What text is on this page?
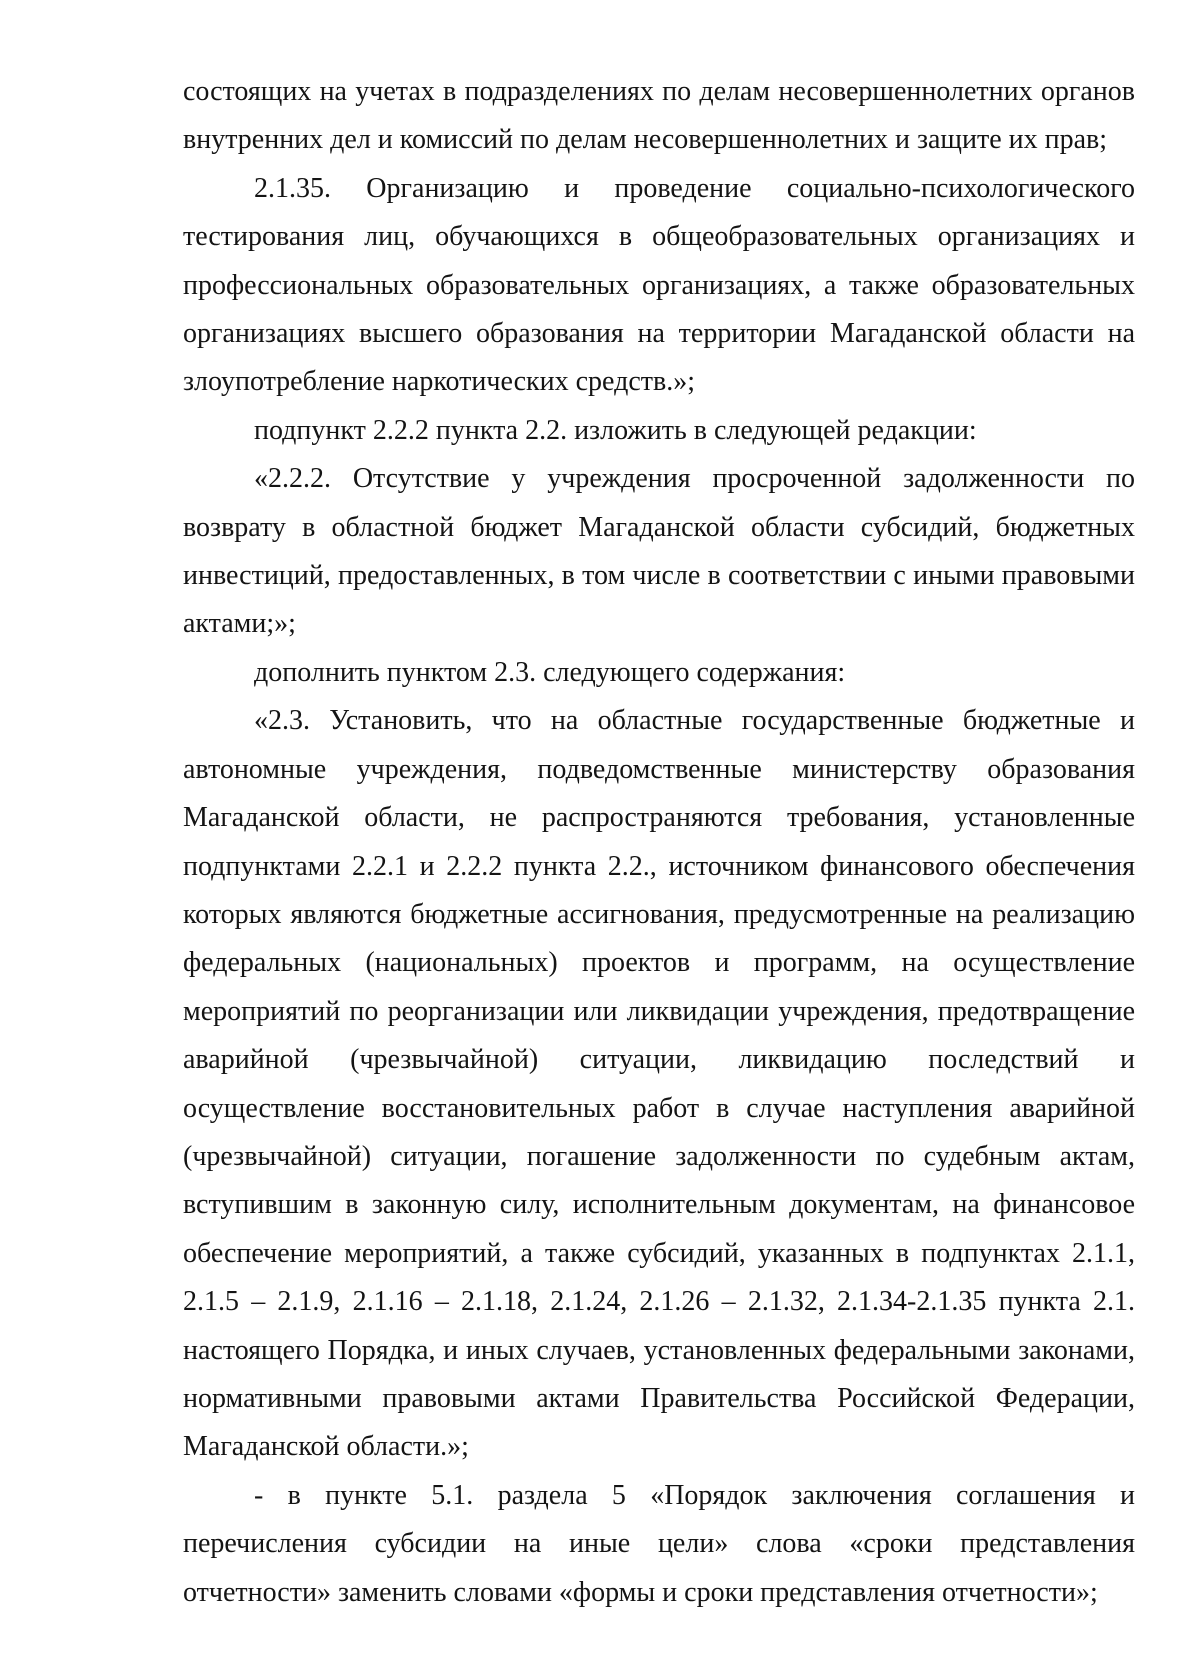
состоящих на учетах в подразделениях по делам несовершеннолетних органов внутренних дел и комиссий по делам несовершеннолетних и защите их прав;

2.1.35. Организацию и проведение социально-психологического тестирования лиц, обучающихся в общеобразовательных организациях и профессиональных образовательных организациях, а также образовательных организациях высшего образования на территории Магаданской области на злоупотребление наркотических средств.»;

подпункт 2.2.2 пункта 2.2. изложить в следующей редакции:

«2.2.2. Отсутствие у учреждения просроченной задолженности по возврату в областной бюджет Магаданской области субсидий, бюджетных инвестиций, предоставленных, в том числе в соответствии с иными правовыми актами;»;

дополнить пунктом 2.3. следующего содержания:

«2.3. Установить, что на областные государственные бюджетные и автономные учреждения, подведомственные министерству образования Магаданской области, не распространяются требования, установленные подпунктами 2.2.1 и 2.2.2 пункта 2.2., источником финансового обеспечения которых являются бюджетные ассигнования, предусмотренные на реализацию федеральных (национальных) проектов и программ, на осуществление мероприятий по реорганизации или ликвидации учреждения, предотвращение аварийной (чрезвычайной) ситуации, ликвидацию последствий и осуществление восстановительных работ в случае наступления аварийной (чрезвычайной) ситуации, погашение задолженности по судебным актам, вступившим в законную силу, исполнительным документам, на финансовое обеспечение мероприятий, а также субсидий, указанных в подпунктах 2.1.1, 2.1.5 – 2.1.9, 2.1.16 – 2.1.18, 2.1.24, 2.1.26 – 2.1.32, 2.1.34-2.1.35 пункта 2.1. настоящего Порядка, и иных случаев, установленных федеральными законами, нормативными правовыми актами Правительства Российской Федерации, Магаданской области.»;

- в пункте 5.1. раздела 5 «Порядок заключения соглашения и перечисления субсидии на иные цели» слова «сроки представления отчетности» заменить словами «формы и сроки представления отчетности»;
